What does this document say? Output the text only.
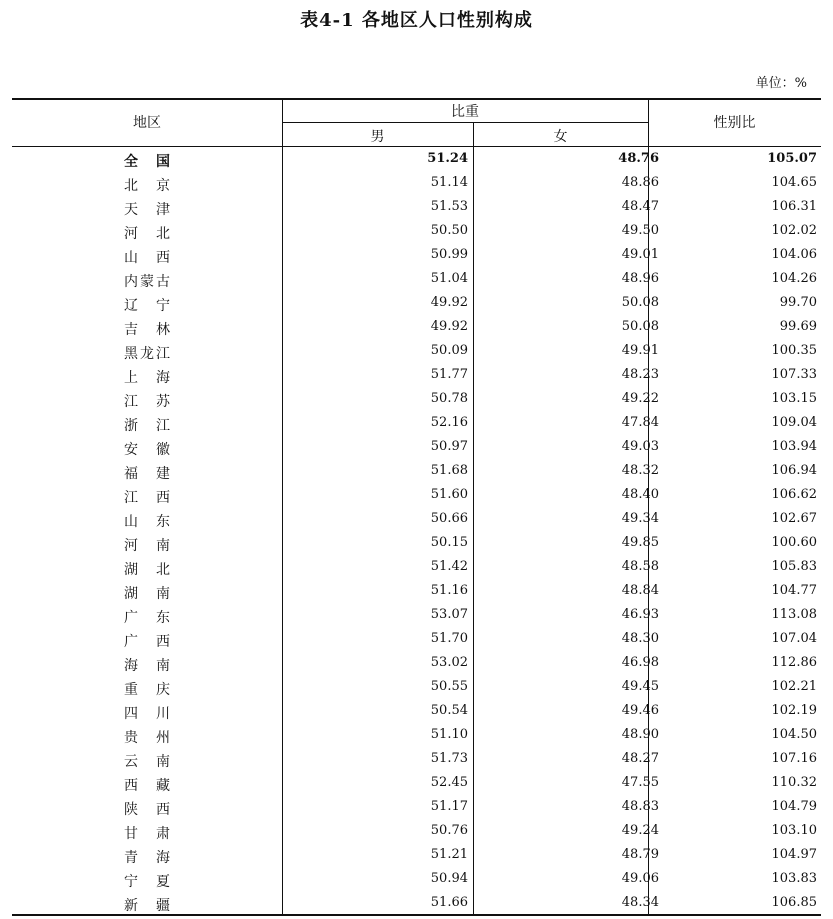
表4-1 各地区人口性别构成
单位：%
地区
比重
男	女
性别比
全　国	51.24	48.76	105.07
北　京	51.14	48.86	104.65
天　津	51.53	48.47	106.31
河　北	50.50	49.50	102.02
山　西	50.99	49.01	104.06
内蒙古	51.04	48.96	104.26
辽　宁	49.92	50.08	99.70
吉　林	49.92	50.08	99.69
黑龙江	50.09	49.91	100.35
上　海	51.77	48.23	107.33
江　苏	50.78	49.22	103.15
浙　江	52.16	47.84	109.04
安　徽	50.97	49.03	103.94
福　建	51.68	48.32	106.94
江　西	51.60	48.40	106.62
山　东	50.66	49.34	102.67
河　南	50.15	49.85	100.60
湖　北	51.42	48.58	105.83
湖　南	51.16	48.84	104.77
广　东	53.07	46.93	113.08
广　西	51.70	48.30	107.04
海　南	53.02	46.98	112.86
重　庆	50.55	49.45	102.21
四　川	50.54	49.46	102.19
贵　州	51.10	48.90	104.50
云　南	51.73	48.27	107.16
西　藏	52.45	47.55	110.32
陕　西	51.17	48.83	104.79
甘　肃	50.76	49.24	103.10
青　海	51.21	48.79	104.97
宁　夏	50.94	49.06	103.83
新　疆	51.66	48.34	106.85
